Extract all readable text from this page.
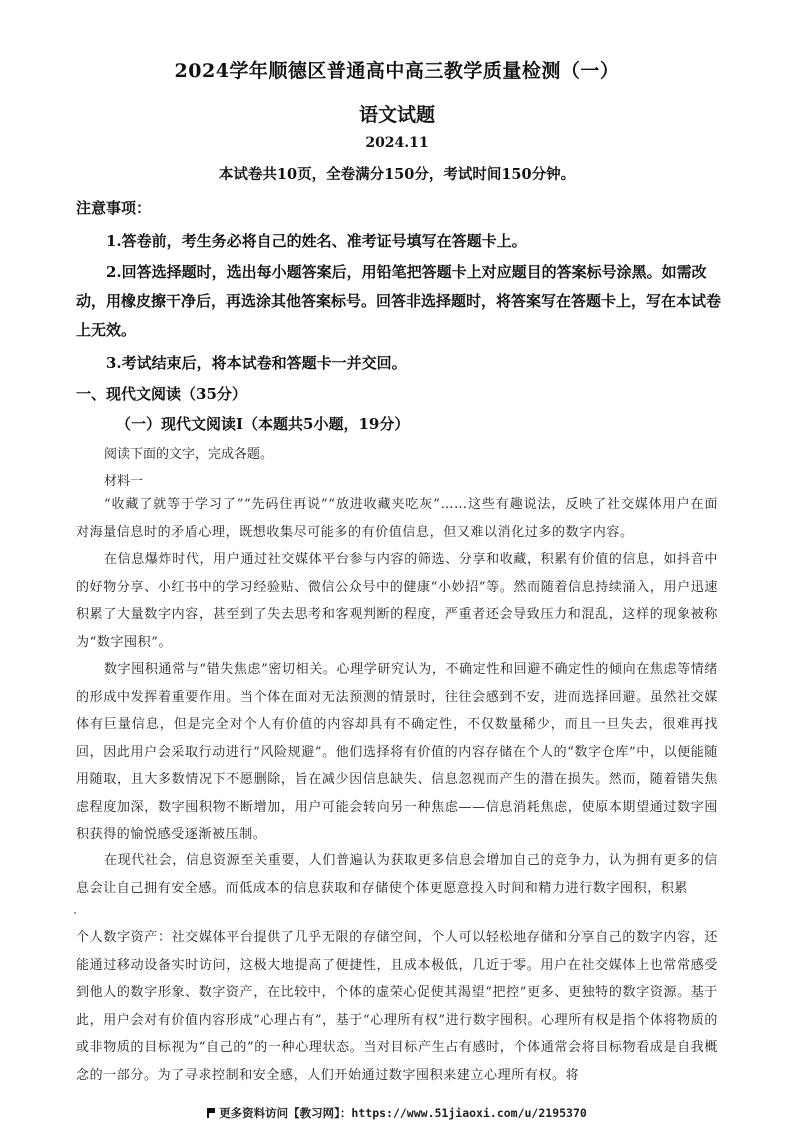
2024学年顺德区普通高中高三教学质量检测（一）
语文试题
2024.11
本试卷共10页，全卷满分150分，考试时间150分钟。
注意事项：
1.答卷前，考生务必将自己的姓名、准考证号填写在答题卡上。
2.回答选择题时，选出每小题答案后，用铅笔把答题卡上对应题目的答案标号涂黑。如需改动，用橡皮擦干净后，再选涂其他答案标号。回答非选择题时，将答案写在答题卡上，写在本试卷上无效。
3.考试结束后，将本试卷和答题卡一并交回。
一、现代文阅读（35分）
（一）现代文阅读Ⅰ（本题共5小题，19分）
阅读下面的文字，完成各题。
材料一
“收藏了就等于学习了”“先码住再说”“放进收藏夹吃灰”……这些有趣说法，反映了社交媒体用户在面对海量信息时的矛盾心理，既想收集尽可能多的有价值信息，但又难以消化过多的数字内容。
在信息爆炸时代，用户通过社交媒体平台参与内容的筛选、分享和收藏，积累有价值的信息，如抖音中的好物分享、小红书中的学习经验贴、微信公众号中的健康“小妙招”等。然而随着信息持续涌入，用户迅速积累了大量数字内容，甚至到了失去思考和客观判断的程度，严重者还会导致压力和混乱，这样的现象被称为“数字囤积”。
数字囤积通常与“错失焦虑”密切相关。心理学研究认为，不确定性和回避不确定性的倾向在焦虑等情绪的形成中发挥着重要作用。当个体在面对无法预测的情景时，往往会感到不安，进而选择回避。虽然社交媒体有巨量信息，但是完全对个人有价值的内容却具有不确定性，不仅数量稀少，而且一旦失去，很难再找回，因此用户会采取行动进行“风险规避”。他们选择将有价值的内容存储在个人的“数字仓库”中，以便能随用随取，且大多数情况下不愿删除，旨在减少因信息缺失、信息忽视而产生的潜在损失。然而，随着错失焦虑程度加深，数字囤积物不断增加，用户可能会转向另一种焦虑——信息消耗焦虑，使原本期望通过数字囤积获得的愉悦感受逐渐被压制。
在现代社会，信息资源至关重要，人们普遍认为获取更多信息会增加自己的竞争力，认为拥有更多的信息会让自己拥有安全感。而低成本的信息获取和存储使个体更愿意投入时间和精力进行数字囤积，积累
个人数字资产：社交媒体平台提供了几乎无限的存储空间，个人可以轻松地存储和分享自己的数字内容，还能通过移动设备实时访问，这极大地提高了便捷性，且成本极低，几近于零。用户在社交媒体上也常常感受到他人的数字形象、数字资产，在比较中，个体的虚荣心促使其渴望“把控”更多、更独特的数字资源。基于此，用户会对有价值内容形成“心理占有”，基于“心理所有权”进行数字囤积。心理所有权是指个体将物质的或非物质的目标视为“自己的”的一种心理状态。当对目标产生占有感时，个体通常会将目标物看成是自我概念的一部分。为了寻求控制和安全感，人们开始通过数字囤积来建立心理所有权。将
更多资料访问【教习网】：https://www.51jiaoxi.com/u/2195370
